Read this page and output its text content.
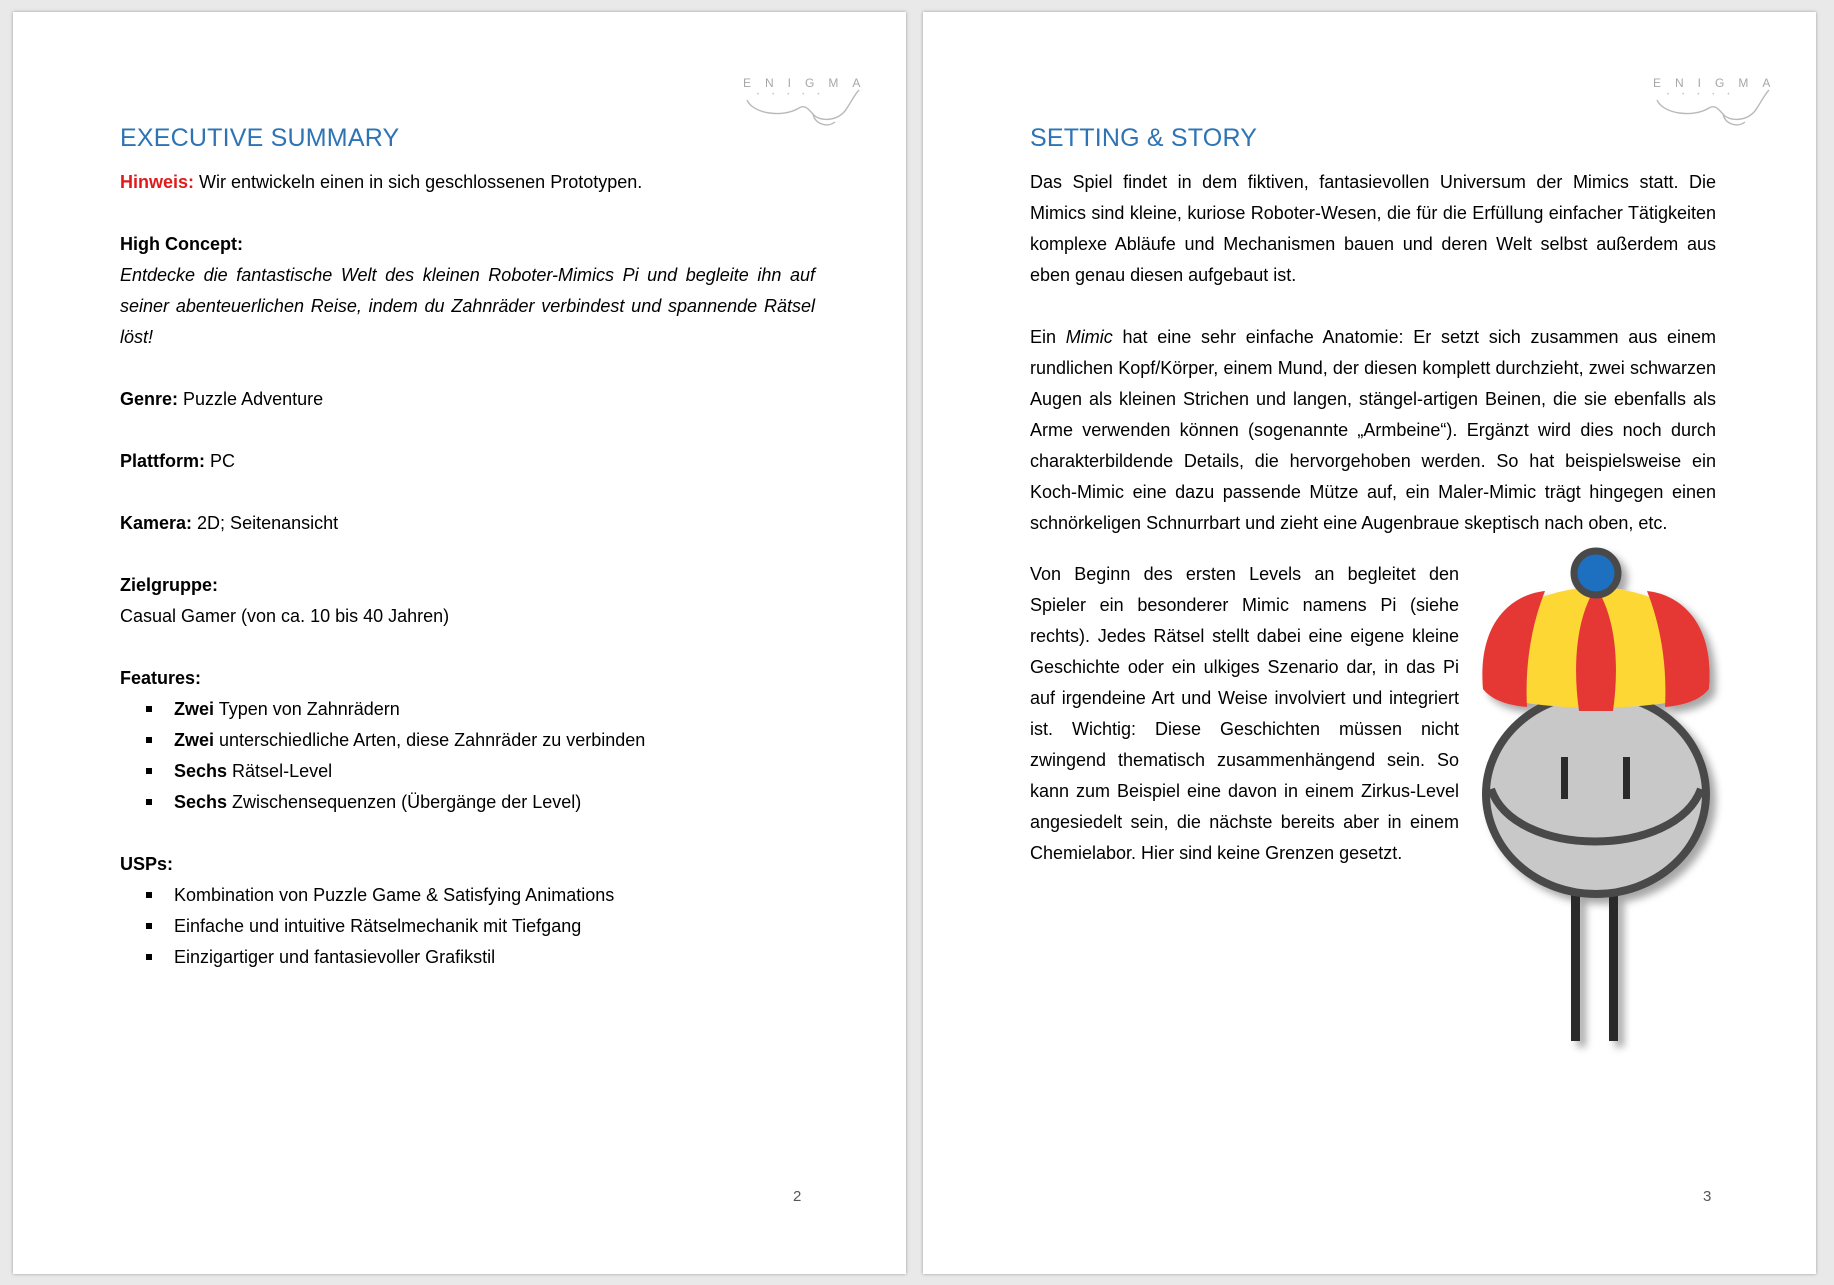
ENIGMA
•••••
EXECUTIVE SUMMARY

Hinweis: Wir entwickeln einen in sich geschlossenen Prototypen.

High Concept:

Entdecke die fantastische Welt des kleinen Roboter-Mimics Pi und begleite ihn auf seiner abenteuerlichen Reise, indem du Zahnräder verbindest und spannende Rätsel löst!

Genre: Puzzle Adventure

Plattform: PC

Kamera: 2D; Seitenansicht

Zielgruppe:

Casual Gamer (von ca. 10 bis 40 Jahren)

Features:

Zwei Typen von Zahnrädern
Zwei unterschiedliche Arten, diese Zahnräder zu verbinden
Sechs Rätsel-Level
Sechs Zwischensequenzen (Übergänge der Level)

USPs:

Kombination von Puzzle Game & Satisfying Animations
Einfache und intuitive Rätselmechanik mit Tiefgang
Einzigartiger und fantasievoller Grafikstil
2
ENIGMA
•••••
SETTING & STORY

Das Spiel findet in dem fiktiven, fantasievollen Universum der Mimics statt. Die Mimics sind kleine, kuriose Roboter-Wesen, die für die Erfüllung einfacher Tätigkeiten komplexe Abläufe und Mechanismen bauen und deren Welt selbst außerdem aus eben genau diesen aufgebaut ist.

Ein Mimic hat eine sehr einfache Anatomie: Er setzt sich zusammen aus einem rundlichen Kopf/Körper, einem Mund, der diesen komplett durchzieht, zwei schwarzen Augen als kleinen Strichen und langen, stängel-artigen Beinen, die sie ebenfalls als Arme verwenden können (sogenannte „Armbeine“). Ergänzt wird dies noch durch charakterbildende Details, die hervorgehoben werden. So hat beispielsweise ein Koch-Mimic eine dazu passende Mütze auf, ein Maler-Mimic trägt hingegen einen schnörkeligen Schnurrbart und zieht eine Augenbraue skeptisch nach oben, etc.

Von Beginn des ersten Levels an begleitet den Spieler ein besonderer Mimic namens Pi (siehe rechts). Jedes Rätsel stellt dabei eine eigene kleine Geschichte oder ein ulkiges Szenario dar, in das Pi auf irgendeine Art und Weise involviert und integriert ist. Wichtig: Diese Geschichten müssen nicht zwingend thematisch zusammenhängend sein. So kann zum Beispiel eine davon in einem Zirkus-Level angesiedelt sein, die nächste bereits aber in einem Chemielabor. Hier sind keine Grenzen gesetzt.

3
